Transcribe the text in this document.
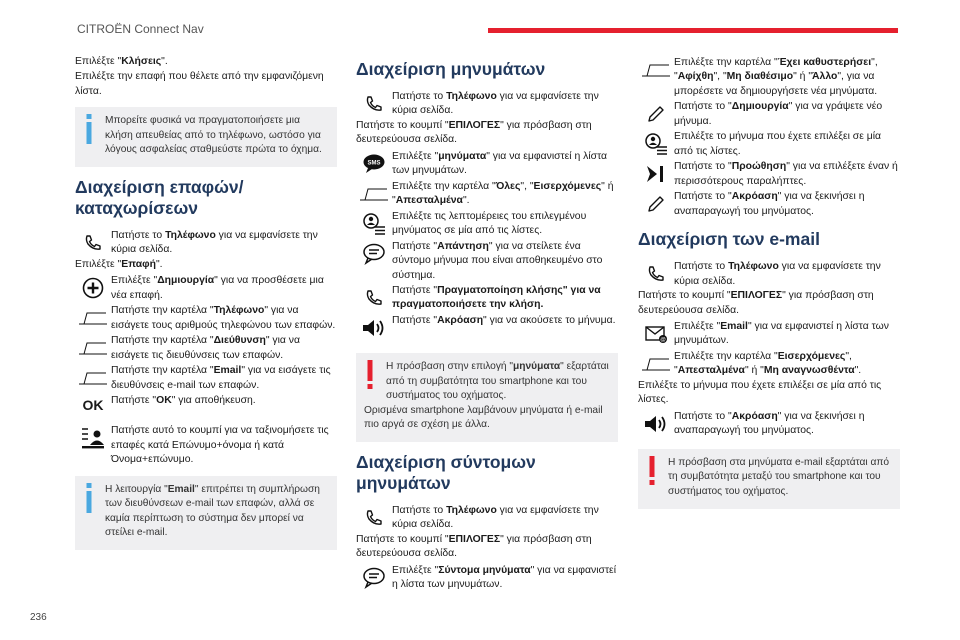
CITROËN Connect Nav
236
Επιλέξτε "Κλήσεις".
Επιλέξτε την επαφή που θέλετε από την εμφανιζόμενη λίστα.
Μπορείτε φυσικά να πραγματοποιήσετε μια κλήση απευθείας από το τηλέφωνο, ωστόσο για λόγους ασφαλείας σταθμεύστε πρώτα το όχημα.
Διαχείριση επαφών/ καταχωρίσεων
Πατήστε το Τηλέφωνο για να εμφανίσετε την κύρια σελίδα.
Επιλέξτε "Επαφή".
Επιλέξτε "Δημιουργία" για να προσθέσετε μια νέα επαφή.
Πατήστε την καρτέλα "Τηλέφωνο" για να εισάγετε τους αριθμούς τηλεφώνου των επαφών.
Πατήστε την καρτέλα "Διεύθυνση" για να εισάγετε τις διευθύνσεις των επαφών.
Πατήστε την καρτέλα "Email" για να εισάγετε τις διευθύνσεις e-mail των επαφών.
OK Πατήστε "OK" για αποθήκευση.
Πατήστε αυτό το κουμπί για να ταξινομήσετε τις επαφές κατά Επώνυμο+όνομα ή κατά Όνομα+επώνυμο.
Η λειτουργία "Email" επιτρέπει τη συμπλήρωση των διευθύνσεων e-mail των επαφών, αλλά σε καμία περίπτωση το σύστημα δεν μπορεί να στείλει e-mail.
Διαχείριση μηνυμάτων
Πατήστε το Τηλέφωνο για να εμφανίσετε την κύρια σελίδα.
Πατήστε το κουμπί "ΕΠΙΛΟΓΕΣ" για πρόσβαση στη δευτερεύουσα σελίδα.
SMS
Επιλέξτε "μηνύματα" για να εμφανιστεί η λίστα των μηνυμάτων.
Επιλέξτε την καρτέλα "Όλες", "Εισερχόμενες" ή "Απεσταλμένα".
Επιλέξτε τις λεπτομέρειες του επιλεγμένου μηνύματος σε μία από τις λίστες.
Πατήστε "Απάντηση" για να στείλετε ένα σύντομο μήνυμα που είναι αποθηκευμένο στο σύστημα.
Πατήστε "Πραγματοποίηση κλήσης" για να πραγματοποιήσετε την κλήση.
Πατήστε "Ακρόαση" για να ακούσετε το μήνυμα.
Η πρόσβαση στην επιλογή "μηνύματα" εξαρτάται από τη συμβατότητα του smartphone και του συστήματος του οχήματος.
Ορισμένα smartphone λαμβάνουν μηνύματα ή e-mail πιο αργά σε σχέση με άλλα.
Διαχείριση σύντομων μηνυμάτων
Πατήστε το Τηλέφωνο για να εμφανίσετε την κύρια σελίδα.
Πατήστε το κουμπί "ΕΠΙΛΟΓΕΣ" για πρόσβαση στη δευτερεύουσα σελίδα.
Επιλέξτε "Σύντομα μηνύματα" για να εμφανιστεί η λίστα των μηνυμάτων.
Επιλέξτε την καρτέλα "Έχει καθυστερήσει", "Αφίχθη", "Μη διαθέσιμο" ή "Άλλο", για να μπορέσετε να δημιουργήσετε νέα μηνύματα.
Πατήστε το "Δημιουργία" για να γράψετε νέο μήνυμα.
Επιλέξτε το μήνυμα που έχετε επιλέξει σε μία από τις λίστες.
Πατήστε το "Προώθηση" για να επιλέξετε έναν ή περισσότερους παραλήπτες.
Πατήστε το "Ακρόαση" για να ξεκινήσει η αναπαραγωγή του μηνύματος.
Διαχείριση των e-mail
Πατήστε το Τηλέφωνο για να εμφανίσετε την κύρια σελίδα.
Πατήστε το κουμπί "ΕΠΙΛΟΓΕΣ" για πρόσβαση στη δευτερεύουσα σελίδα.
@
Επιλέξτε "Email" για να εμφανιστεί η λίστα των μηνυμάτων.
Επιλέξτε την καρτέλα "Εισερχόμενες", "Απεσταλμένα" ή "Μη αναγνωσθέντα".
Επιλέξτε το μήνυμα που έχετε επιλέξει σε μία από τις λίστες.
Πατήστε το "Ακρόαση" για να ξεκινήσει η αναπαραγωγή του μηνύματος.
Η πρόσβαση στα μηνύματα e-mail εξαρτάται από τη συμβατότητα μεταξύ του smartphone και του συστήματος του οχήματος.
